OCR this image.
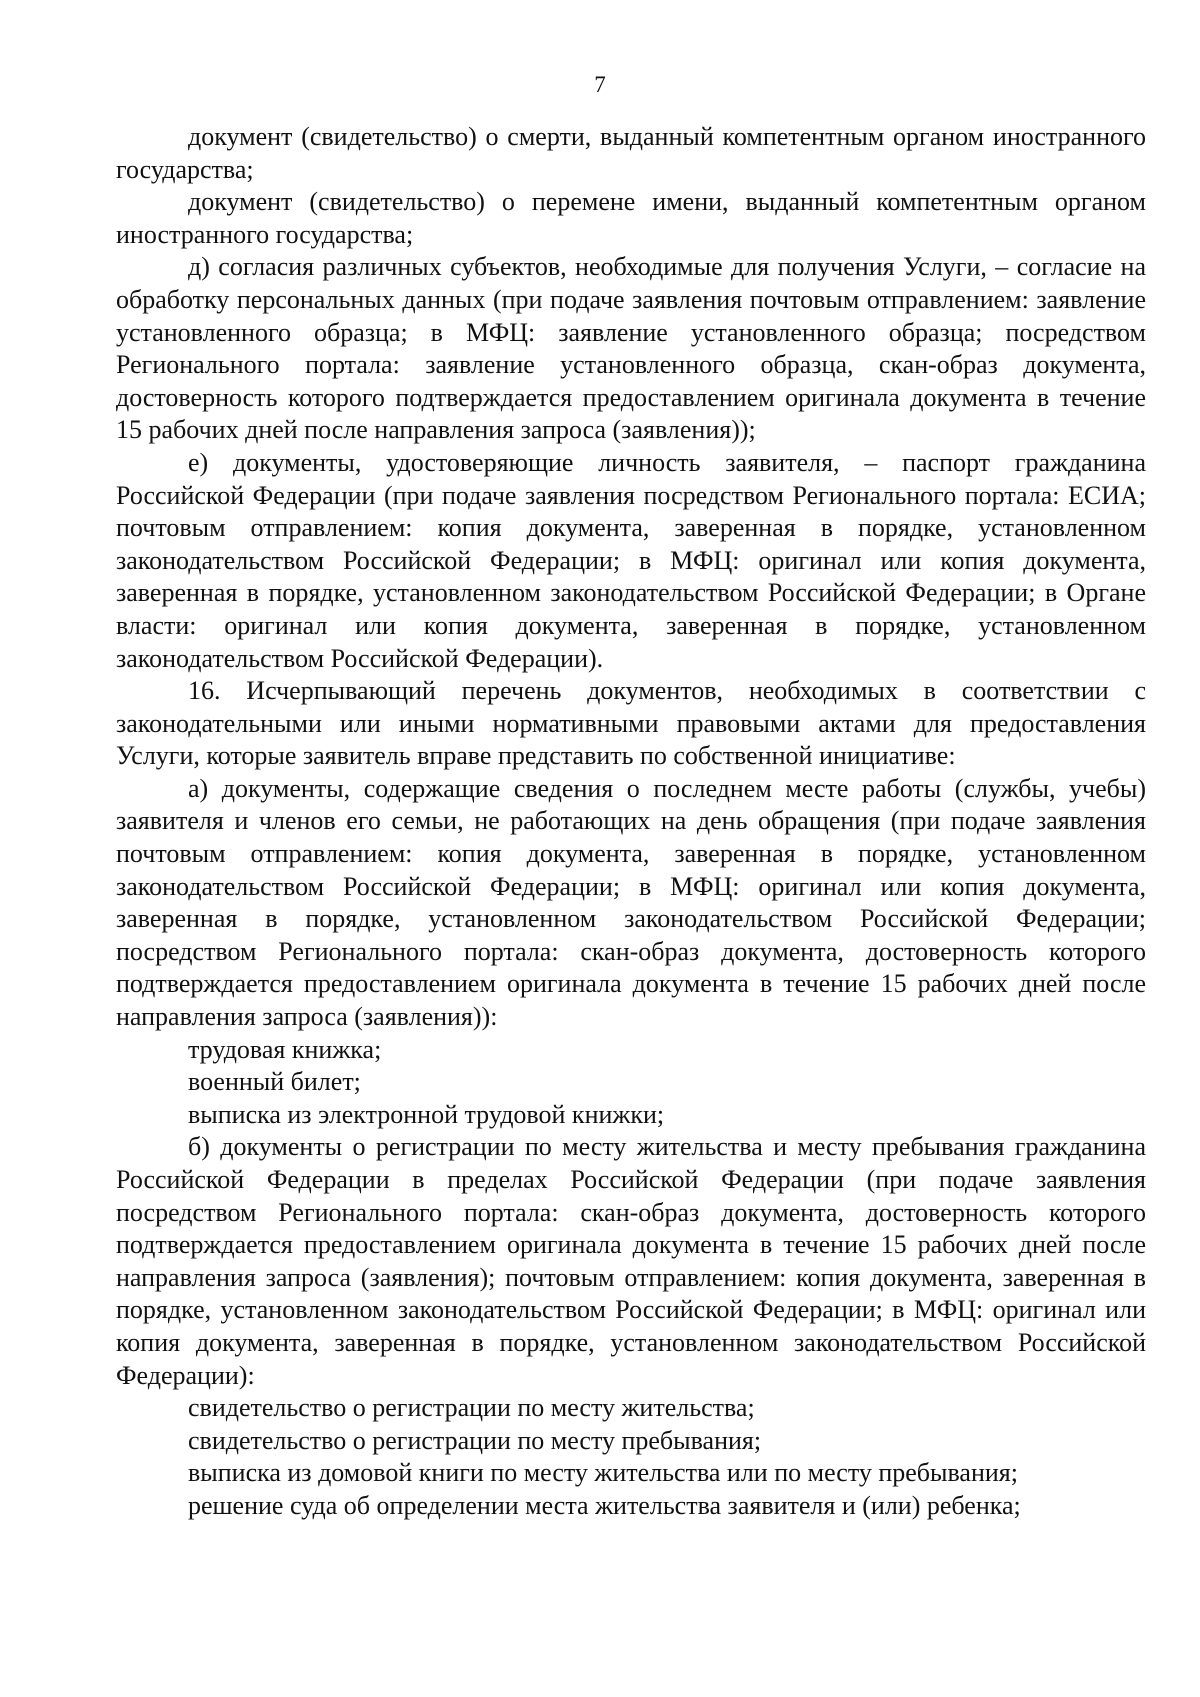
7

документ (свидетельство) о смерти, выданный компетентным органом иностранного государства;

документ (свидетельство) о перемене имени, выданный компетентным органом иностранного государства;

д) согласия различных субъектов, необходимые для получения Услуги, – согласие на обработку персональных данных (при подаче заявления почтовым отправлением: заявление установленного образца; в МФЦ: заявление установленного образца; посредством Регионального портала: заявление установленного образца, скан-образ документа, достоверность которого подтверждается предоставлением оригинала документа в течение 15 рабочих дней после направления запроса (заявления));

е) документы, удостоверяющие личность заявителя, – паспорт гражданина Российской Федерации (при подаче заявления посредством Регионального портала: ЕСИА; почтовым отправлением: копия документа, заверенная в порядке, установленном законодательством Российской Федерации; в МФЦ: оригинал или копия документа, заверенная в порядке, установленном законодательством Российской Федерации; в Органе власти: оригинал или копия документа, заверенная в порядке, установленном законодательством Российской Федерации).

16. Исчерпывающий перечень документов, необходимых в соответствии с законодательными или иными нормативными правовыми актами для предоставления Услуги, которые заявитель вправе представить по собственной инициативе:

а) документы, содержащие сведения о последнем месте работы (службы, учебы) заявителя и членов его семьи, не работающих на день обращения (при подаче заявления почтовым отправлением: копия документа, заверенная в порядке, установленном законодательством Российской Федерации; в МФЦ: оригинал или копия документа, заверенная в порядке, установленном законодательством Российской Федерации; посредством Регионального портала: скан-образ документа, достоверность которого подтверждается предоставлением оригинала документа в течение 15 рабочих дней после направления запроса (заявления)):

трудовая книжка;

военный билет;

выписка из электронной трудовой книжки;

б) документы о регистрации по месту жительства и месту пребывания гражданина Российской Федерации в пределах Российской Федерации (при подаче заявления посредством Регионального портала: скан-образ документа, достоверность которого подтверждается предоставлением оригинала документа в течение 15 рабочих дней после направления запроса (заявления); почтовым отправлением: копия документа, заверенная в порядке, установленном законодательством Российской Федерации; в МФЦ: оригинал или копия документа, заверенная в порядке, установленном законодательством Российской Федерации):

свидетельство о регистрации по месту жительства;

свидетельство о регистрации по месту пребывания;

выписка из домовой книги по месту жительства или по месту пребывания;

решение суда об определении места жительства заявителя и (или) ребенка;
